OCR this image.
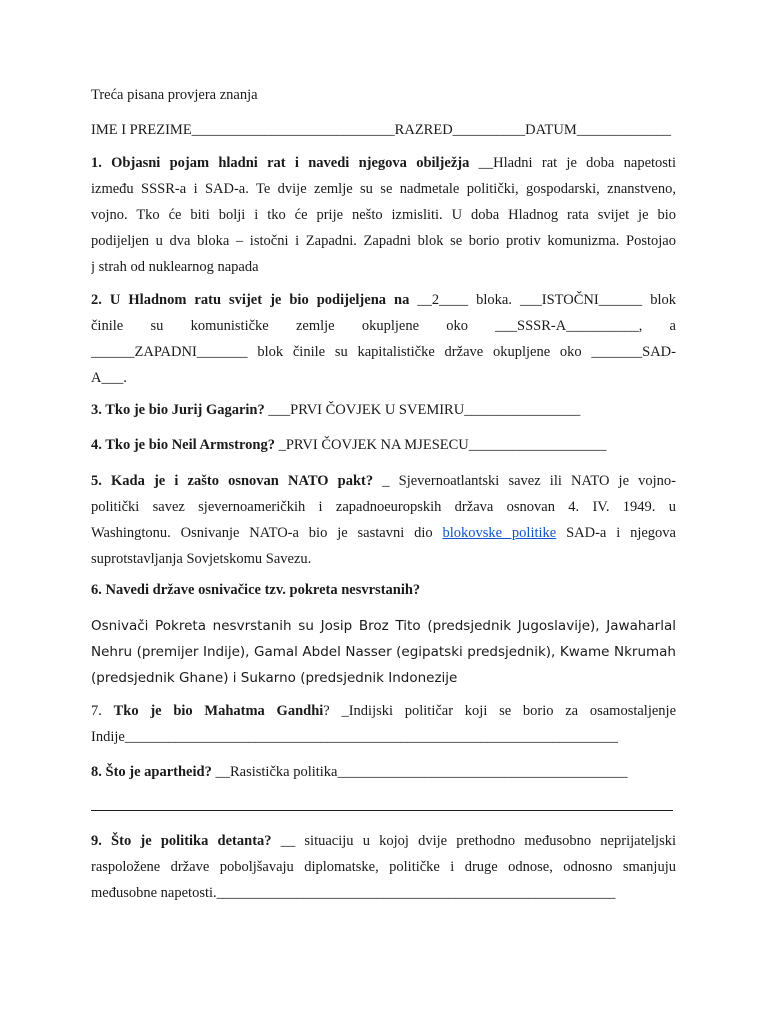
Treća pisana provjera znanja
IME I PREZIME____________________________RAZRED__________DATUM_____________
1. Objasni pojam hladni rat i navedi njegova obilježja __Hladni rat je doba napetosti
između SSSR-a i SAD-a. Te dvije zemlje su se nadmetale politički, gospodarski, znanstveno,
vojno. Tko će biti bolji i tko će prije nešto izmisliti. U doba Hladnog rata svijet je bio
podijeljen u dva bloka – istočni i Zapadni. Zapadni blok se borio protiv komunizma. Postojao
j strah od nuklearnog napada
2. U Hladnom ratu svijet je bio podijeljena na __2____ bloka. ___ISTOČNI______ blok
činile su komunističke zemlje okupljene oko ___SSSR-A__________, a
______ZAPADNI_______ blok činile su kapitalističke države okupljene oko _______SAD-
A___.
3. Tko je bio Jurij Gagarin? ___PRVI ČOVJEK U SVEMIRU________________
4. Tko je bio Neil Armstrong? _PRVI ČOVJEK NA MJESECU___________________
5. Kada je i zašto osnovan NATO pakt? _ Sjevernoatlantski savez ili NATO je vojno-
politički savez sjevernoameričkih i zapadnoeuropskih država osnovan 4. IV. 1949. u
Washingtonu. Osnivanje NATO-a bio je sastavni dio blokovske politike SAD-a i njegova
suprotstavljanja Sovjetskomu Savezu.
6. Navedi države osnivačice tzv. pokreta nesvrstanih?
Osnivači Pokreta nesvrstanih su Josip Broz Tito (predsjednik Jugoslavije), Jawaharlal
Nehru (premijer Indije), Gamal Abdel Nasser (egipatski predsjednik), Kwame Nkrumah
(predsjednik Ghane) i Sukarno (predsjednik Indonezije
7. Tko je bio Mahatma Gandhi? _Indijski političar koji se borio za osamostaljenje
Indije____________________________________________________________________
8. Što je apartheid? __Rasistička politika________________________________________
9. Što je politika detanta? __ situaciju u kojoj dvije prethodno međusobno neprijateljski
raspoložene države poboljšavaju diplomatske, političke i druge odnose, odnosno smanjuju
međusobne napetosti._______________________________________________________
